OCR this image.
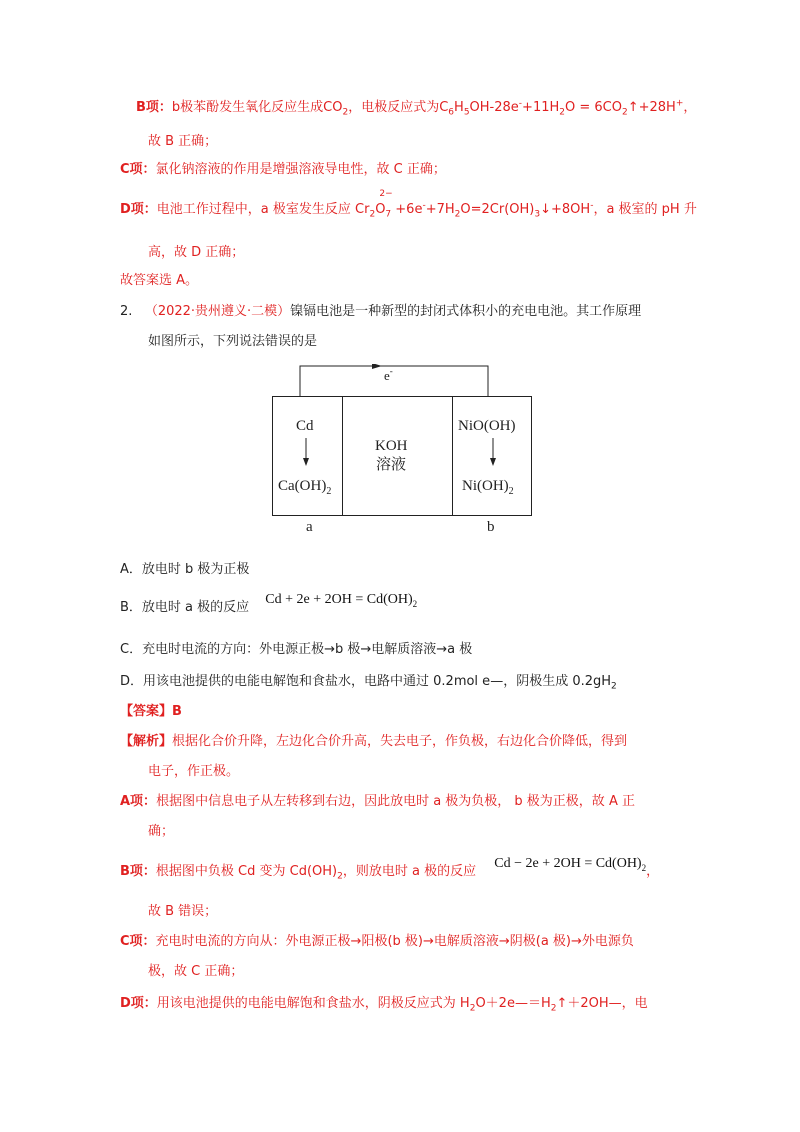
B项：b极苯酚发生氧化反应生成$CO_2$，电极反应式为$C_6H_5OH-28e^-+11H_2O$ = $6CO_2↑+28H^+$，
故 B 正确；
C项：氯化钠溶液的作用是增强溶液导电性，故 C 正确；
D项：电池工作过程中，a 极室发生反应 $Cr_2O_7$
2−
$+6e^-+7H_2O=2Cr(OH)_3↓+8OH^-$，a 极室的 pH 升
高，故 D 正确；
故答案选 A。
2. （2022·贵州遵义·二模）镍镉电池是一种新型的封闭式体积小的充电电池。其工作原理
如图所示，下列说法错误的是
e-
Cd
$Ca(OH)_2$
KOH
溶液
NiO(OH)
$Ni(OH)_2$
a	b
A．放电时 b 极为正极
B．放电时 a 极的反应 $Cd + 2e + 2OH = Cd(OH)_2$
C．充电时电流的方向：外电源正极→b 极→电解质溶液→a 极
D．用该电池提供的电能电解饱和食盐水，电路中通过 0.2mol e—，阴极生成 $0.2gH_2$
【答案】B
【解析】根据化合价升降，左边化合价升高，失去电子，作负极，右边化合价降低，得到
电子，作正极。
A项：根据图中信息电子从左转移到右边，因此放电时 a 极为负极， b 极为正极，故 A 正
确；
B项：根据图中负极 Cd 变为 $Cd(OH)_2$，则放电时 a 极的反应 $Cd - 2e + 2OH = Cd(OH)_2$，
故 B 错误；
C项：充电时电流的方向从：外电源正极→阳极(b 极)→电解质溶液→阴极(a 极)→外电源负
极，故 C 正确；
D项：用该电池提供的电能电解饱和食盐水，阴极反应式为 $H_2O+2e—=H_2↑+2OH—$，电
